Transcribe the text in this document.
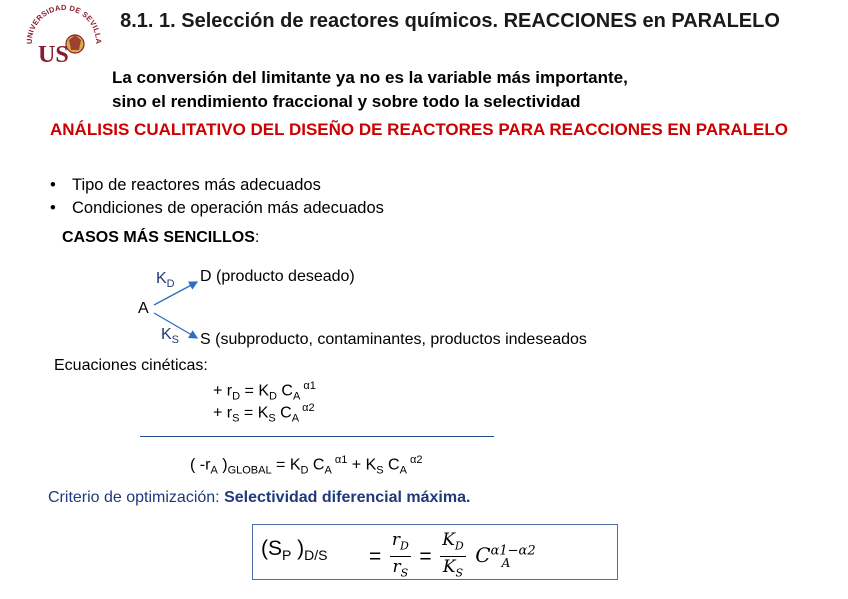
UNIVERSIDAD DE SEVILLA
US
8.1. 1. Selección de reactores químicos. REACCIONES en PARALELO
La conversión del limitante ya no es la variable más importante,
sino el rendimiento fraccional y sobre todo la selectividad
ANÁLISIS CUALITATIVO DEL DISEÑO DE REACTORES PARA REACCIONES EN PARALELO
• Tipo de reactores más adecuados
• Condiciones de operación más adecuados
CASOS MÁS SENCILLOS:
$K_D$
$K_S$
A
D (producto deseado)
S (subproducto, contaminantes, productos indeseados
Ecuaciones cinéticas:
+ $r_D = K_D$ $C_A$ $^{\alpha 1}$
+ $r_S = K_S$ $C_A$ $^{\alpha 2}$
( $-r_A$ )$_{GLOBAL} = K_D$ $C_A$ $^{\alpha 1} + K_S$ $C_A$ $^{\alpha 2}$
Criterio de optimización: Selectividad diferencial máxima.
($S_P$ )$_{D/S} = \frac{r_D}{r_S} = \frac{K_D}{K_S} C^{\alpha 1-\alpha 2}_A$
